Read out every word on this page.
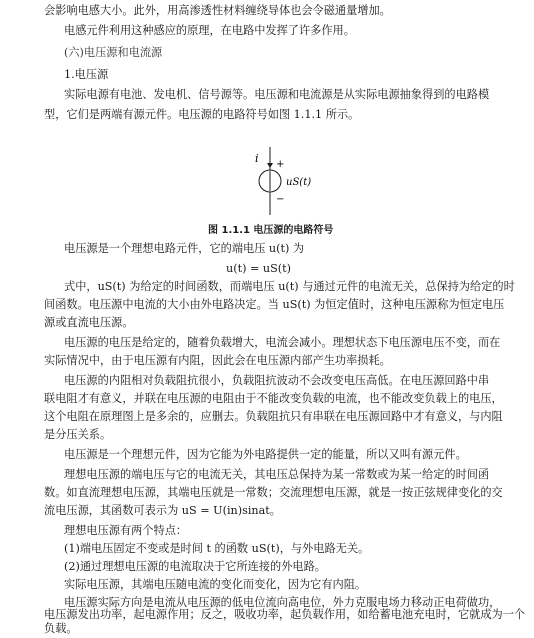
会影响电感大小。此外，用高渗透性材料缠绕导体也会令磁通量增加。
电感元件利用这种感应的原理，在电路中发挥了许多作用。
(六)电压源和电流源
1.电压源
实际电源有电池、发电机、信号源等。电压源和电流源是从实际电源抽象得到的电路模
型，它们是两端有源元件。电压源的电路符号如图 1.1.1 所示。
i +
−
uS(t)
图 1.1.1 电压源的电路符号
电压源是一个理想电路元件，它的端电压 u(t) 为
u(t) = uS(t)
式中，uS(t) 为给定的时间函数，而端电压 u(t) 与通过元件的电流无关，总保持为给定的时
间函数。电压源中电流的大小由外电路决定。当 uS(t) 为恒定值时，这种电压源称为恒定电压
源或直流电压源。
电压源的电压是给定的，随着负载增大，电流会减小。理想状态下电压源电压不变，而在
实际情况中，由于电压源有内阻，因此会在电压源内部产生功率损耗。
电压源的内阻相对负载阻抗很小，负载阻抗波动不会改变电压高低。在电压源回路中串
联电阻才有意义，并联在电压源的电阻由于不能改变负载的电流，也不能改变负载上的电压，
这个电阻在原理图上是多余的，应删去。负载阻抗只有串联在电压源回路中才有意义，与内阻
是分压关系。
电压源是一个理想元件，因为它能为外电路提供一定的能量，所以又叫有源元件。
理想电压源的端电压与它的电流无关，其电压总保持为某一常数或为某一给定的时间函
数。如直流理想电压源，其端电压就是一常数；交流理想电压源，就是一按正弦规律变化的交
流电压源，其函数可表示为 uS = U(in)sinat。
理想电压源有两个特点：
(1)端电压固定不变或是时间 t 的函数 uS(t)，与外电路无关。
(2)通过理想电压源的电流取决于它所连接的外电路。
实际电压源，其端电压随电流的变化而变化，因为它有内阻。
电压源实际方向是电流从电压源的低电位流向高电位，外力克服电场力移动正电荷做功，
电压源发出功率，起电源作用；反之，吸收功率，起负载作用，如给蓄电池充电时，它就成为一个
负载。
